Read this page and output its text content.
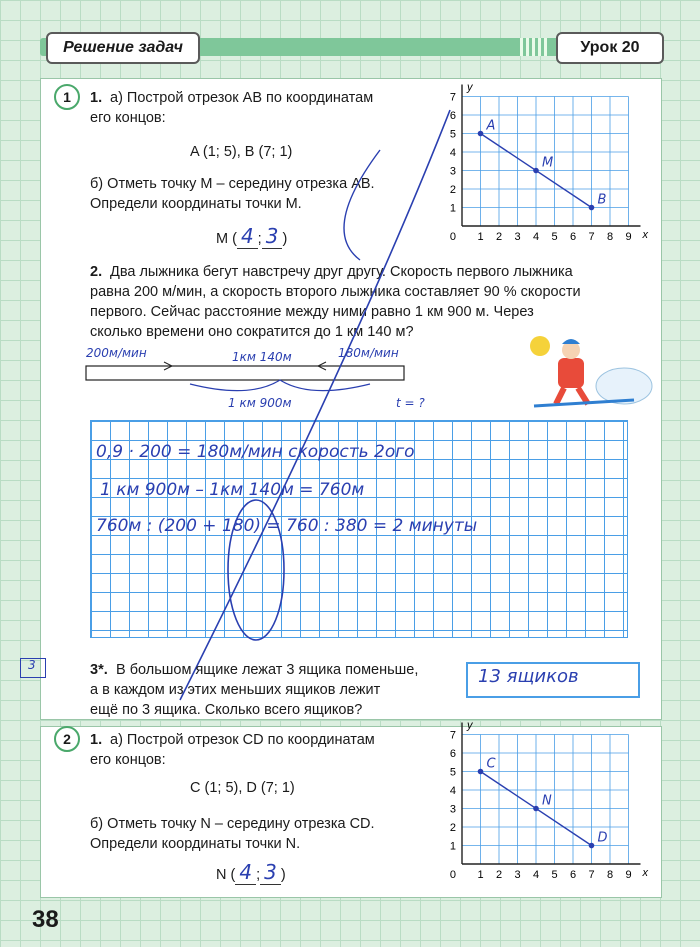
Решение задач	Урок 20
1	1. а) Построй отрезок AB по координатам
его концов:
A (1; 5), B (7; 1)
б) Отметь точку M – середину отрезка AB.
Определи координаты точки M.
M ( 4 ; 3 )	1 2 3 4 5 6 7 8 9
1
2
3
4
5
6
7
0	x
y
A
M
B
2. Два лыжника бегут навстречу друг другу. Скорость первого лыжника
равна 200 м/мин, а скорость второго лыжника составляет 90 % скорости
первого. Сейчас расстояние между ними равно 1 км 900 м. Через
сколько времени оно сократится до 1 км 140 м?
200м/мин	1км 140м	180м/мин
1 км 900м	t = ?
0,9 · 200 = 180м/мин скорость 2ого
1 км 900м – 1км 140м = 760м
760м : (200 + 180) = 760 : 380 = 2 минуты
3	3*. В большом ящике лежат 3 ящика поменьше,
а в каждом из этих меньших ящиков лежит
ещё по 3 ящика. Сколько всего ящиков?
13 ящиков
2	1. а) Построй отрезок CD по координатам
его концов:
C (1; 5), D (7; 1)
б) Отметь точку N – середину отрезка CD.
Определи координаты точки N.
N ( 4 ; 3 )	1 2 3 4 5 6 7 8 9
1
2
3
4
5
6
7
0	x
y
C
N
D
38
